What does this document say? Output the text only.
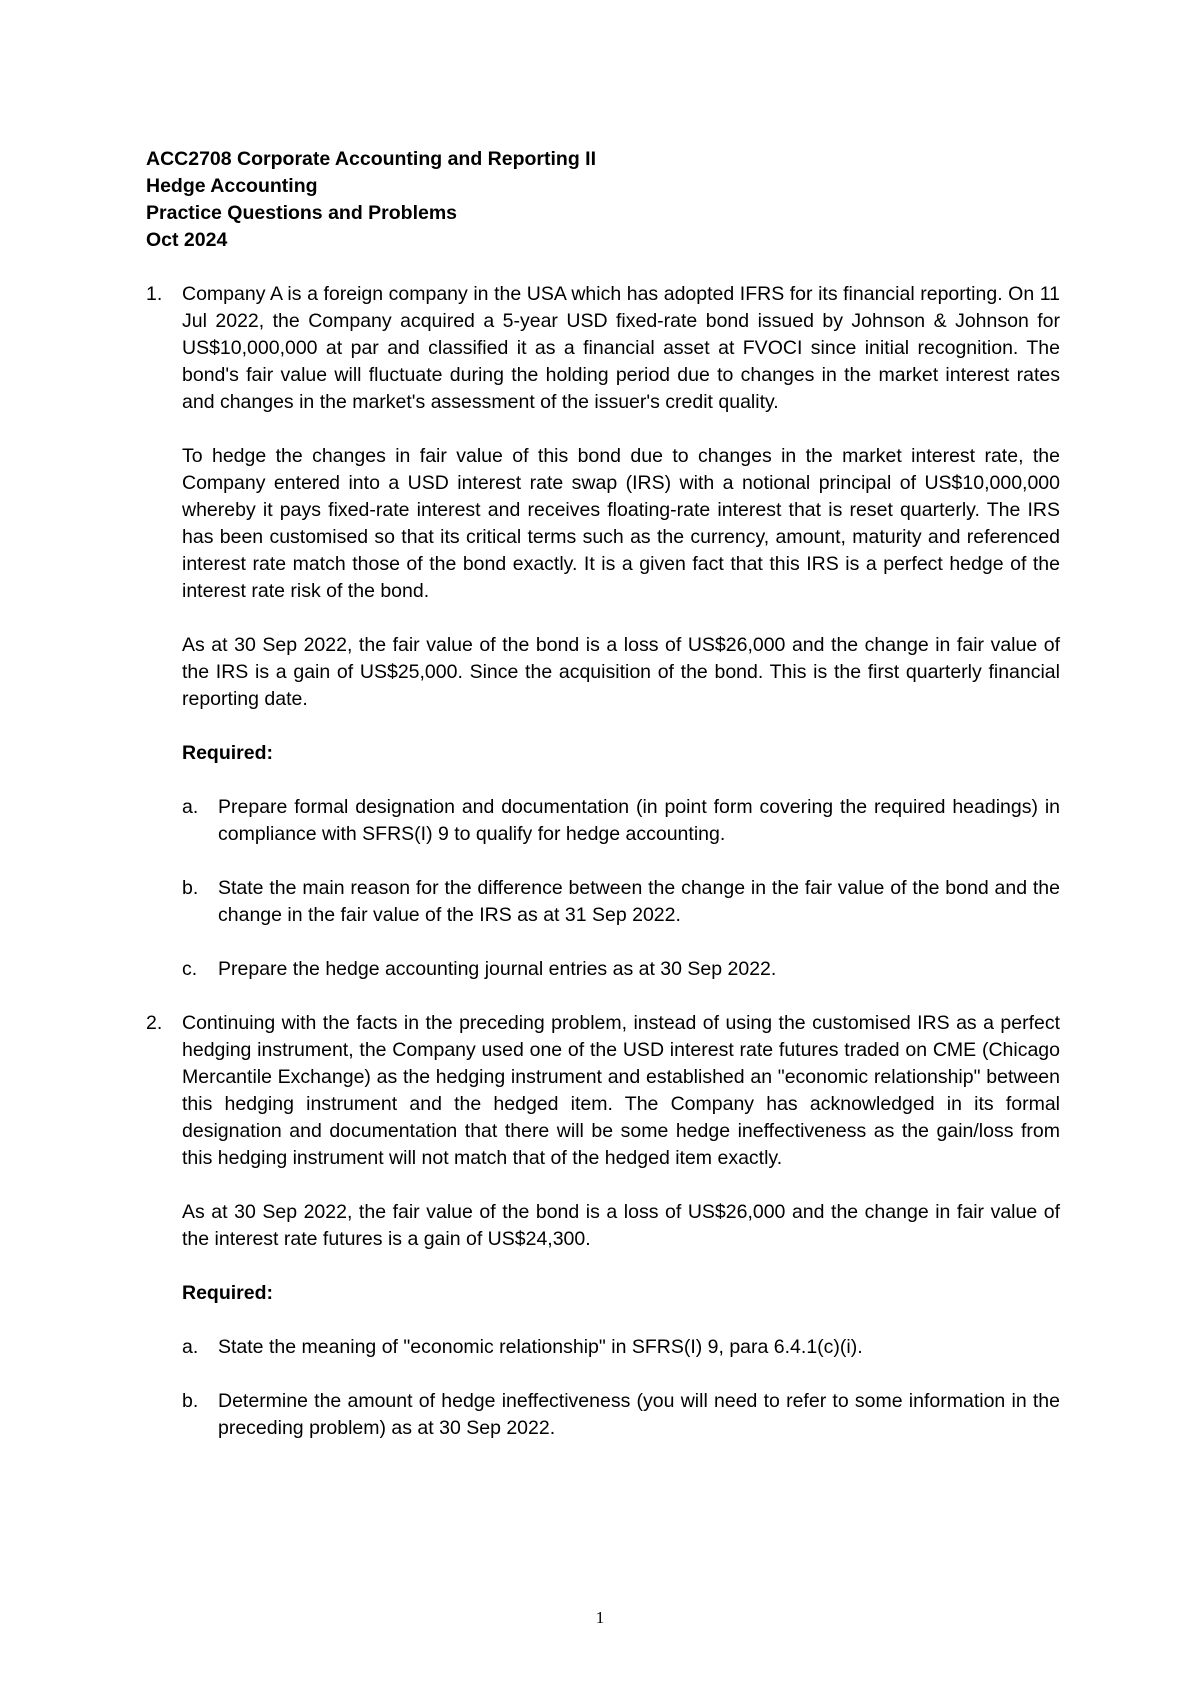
ACC2708 Corporate Accounting and Reporting II
Hedge Accounting
Practice Questions and Problems
Oct 2024
1. Company A is a foreign company in the USA which has adopted IFRS for its financial reporting. On 11 Jul 2022, the Company acquired a 5-year USD fixed-rate bond issued by Johnson & Johnson for US$10,000,000 at par and classified it as a financial asset at FVOCI since initial recognition. The bond's fair value will fluctuate during the holding period due to changes in the market interest rates and changes in the market's assessment of the issuer's credit quality.

To hedge the changes in fair value of this bond due to changes in the market interest rate, the Company entered into a USD interest rate swap (IRS) with a notional principal of US$10,000,000 whereby it pays fixed-rate interest and receives floating-rate interest that is reset quarterly. The IRS has been customised so that its critical terms such as the currency, amount, maturity and referenced interest rate match those of the bond exactly. It is a given fact that this IRS is a perfect hedge of the interest rate risk of the bond.

As at 30 Sep 2022, the fair value of the bond is a loss of US$26,000 and the change in fair value of the IRS is a gain of US$25,000. Since the acquisition of the bond. This is the first quarterly financial reporting date.

Required:
a. Prepare formal designation and documentation (in point form covering the required headings) in compliance with SFRS(I) 9 to qualify for hedge accounting.
b. State the main reason for the difference between the change in the fair value of the bond and the change in the fair value of the IRS as at 31 Sep 2022.
c. Prepare the hedge accounting journal entries as at 30 Sep 2022.
2. Continuing with the facts in the preceding problem, instead of using the customised IRS as a perfect hedging instrument, the Company used one of the USD interest rate futures traded on CME (Chicago Mercantile Exchange) as the hedging instrument and established an "economic relationship" between this hedging instrument and the hedged item. The Company has acknowledged in its formal designation and documentation that there will be some hedge ineffectiveness as the gain/loss from this hedging instrument will not match that of the hedged item exactly.

As at 30 Sep 2022, the fair value of the bond is a loss of US$26,000 and the change in fair value of the interest rate futures is a gain of US$24,300.

Required:
a. State the meaning of "economic relationship" in SFRS(I) 9, para 6.4.1(c)(i).
b. Determine the amount of hedge ineffectiveness (you will need to refer to some information in the preceding problem) as at 30 Sep 2022.
1
